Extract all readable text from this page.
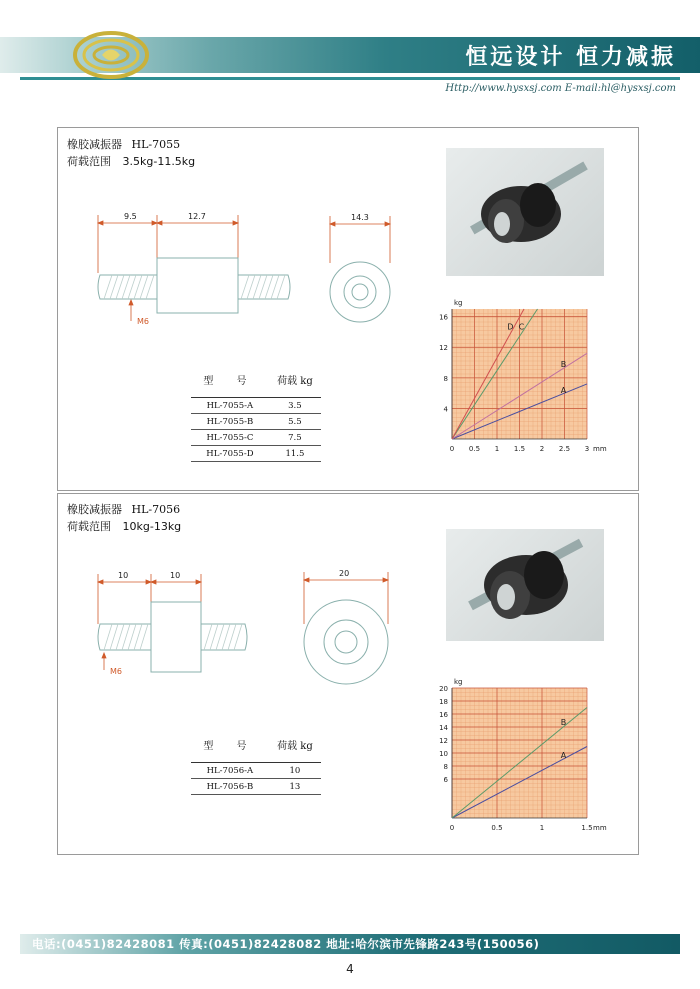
恒远设计 恒力减振
Http://www.hysxsj.com E-mail:hl@hysxsj.com
橡胶减振器 HL-7055
荷载范围 3.5kg-11.5kg
9.5	12.7
M6
14.3
4
8
12
16
0 0.5 1 1.5 2 2.5 3
kg
mm
A
B
C
D
型 号	荷载 kg
HL-7055-A	3.5
HL-7055-B	5.5
HL-7055-C	7.5
HL-7055-D	11.5
橡胶减振器 HL-7056
荷载范围 10kg-13kg
10	10
M6
20
6
8
10
12
14
16
18
20
0	0.5	1	1.5
kg
mm
A
B
型 号	荷载 kg
HL-7056-A	10
HL-7056-B	13
电话:(0451)82428081 传真:(0451)82428082 地址:哈尔滨市先锋路243号(150056)
4
